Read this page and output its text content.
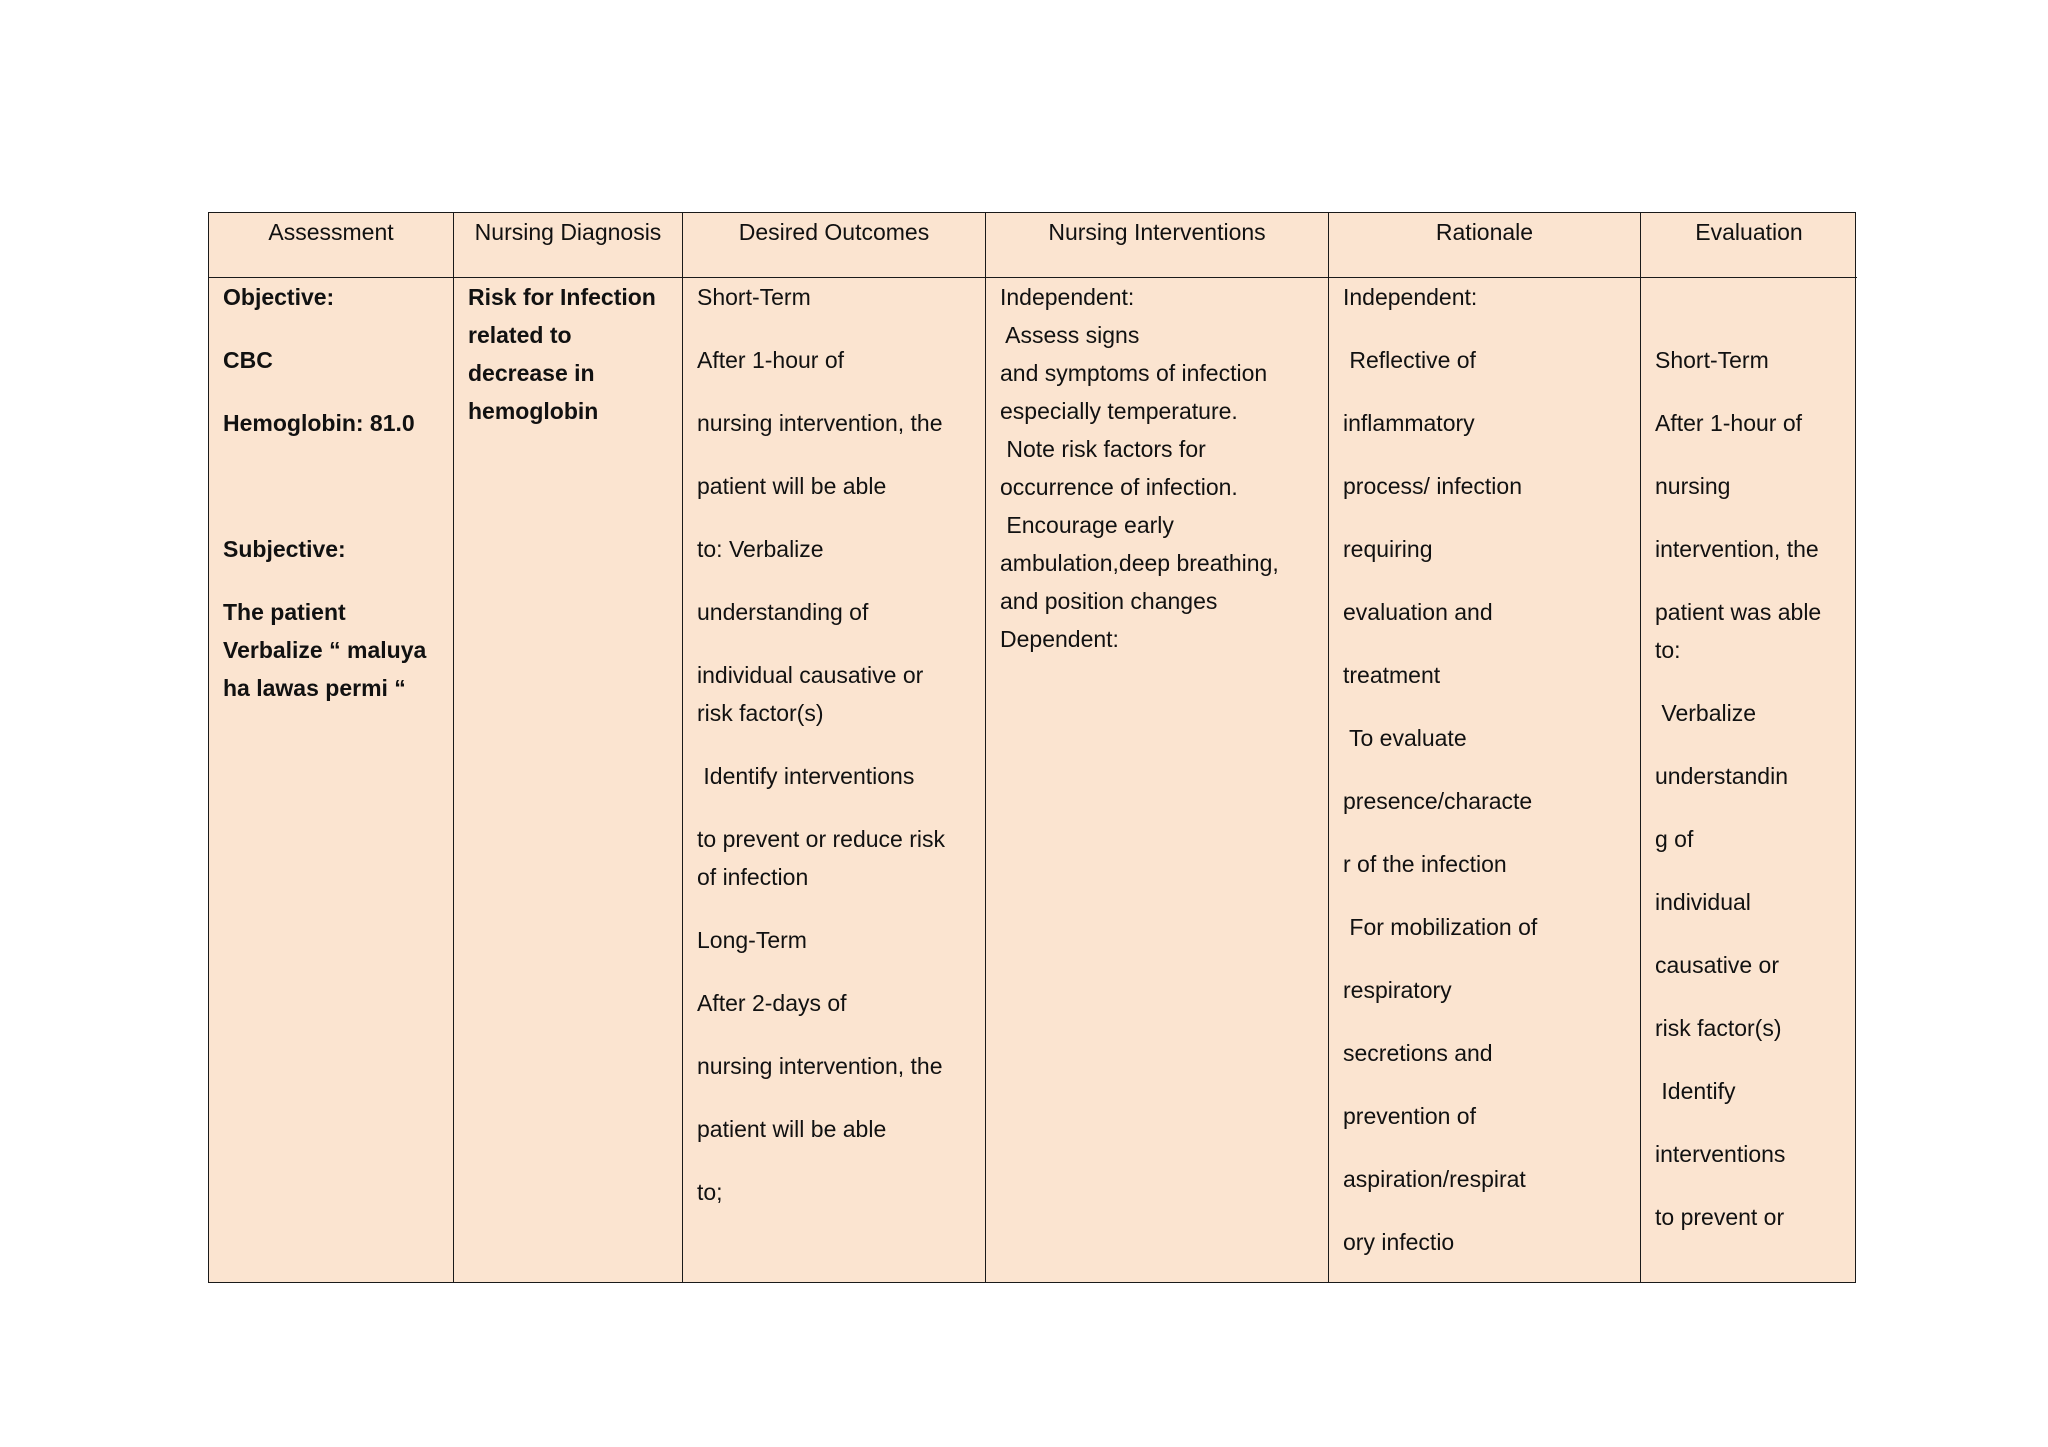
Assessment
Objective:
CBC
Hemoglobin: 81.0
Subjective:
The patient
Verbalize “ maluya
ha lawas permi “
Nursing Diagnosis
Risk for Infection
related to
decrease in
hemoglobin
Desired Outcomes
Short-Term
After 1-hour of
nursing intervention, the
patient will be able
to: Verbalize
understanding of
individual causative or
risk factor(s)
Identify interventions
to prevent or reduce risk
of infection
Long-Term
After 2-days of
nursing intervention, the
patient will be able
to;
Nursing Interventions
Independent:
Assess signs
and symptoms of infection
especially temperature.
Note risk factors for
occurrence of infection.
Encourage early
ambulation,deep breathing,
and position changes
Dependent:
Rationale
Independent:
Reflective of
inflammatory
process/ infection
requiring
evaluation and
treatment
To evaluate
presence/characte
r of the infection
For mobilization of
respiratory
secretions and
prevention of
aspiration/respirat
ory infectio
Evaluation
Short-Term
After 1-hour of
nursing
intervention, the
patient was able
to:
Verbalize
understandin
g of
individual
causative or
risk factor(s)
Identify
interventions
to prevent or
